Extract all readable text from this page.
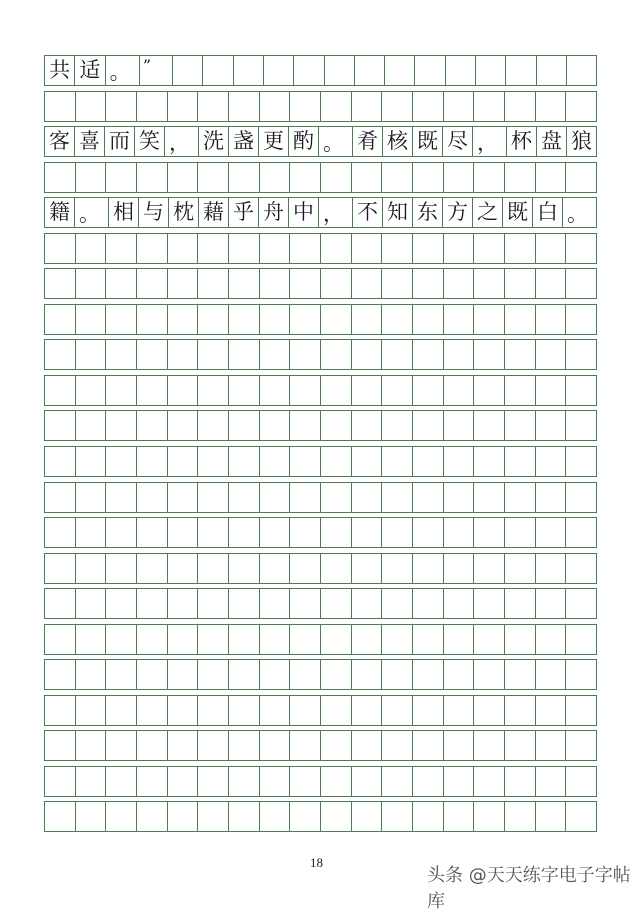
共 适 。 ”
客 喜 而 笑 ， 洗 盏 更 酌 。 肴 核 既 尽 ， 杯 盘 狼
籍 。 相 与 枕 藉 乎 舟 中 ， 不 知 东 方 之 既 白 。
18
头条 @天天练字电子字帖库
